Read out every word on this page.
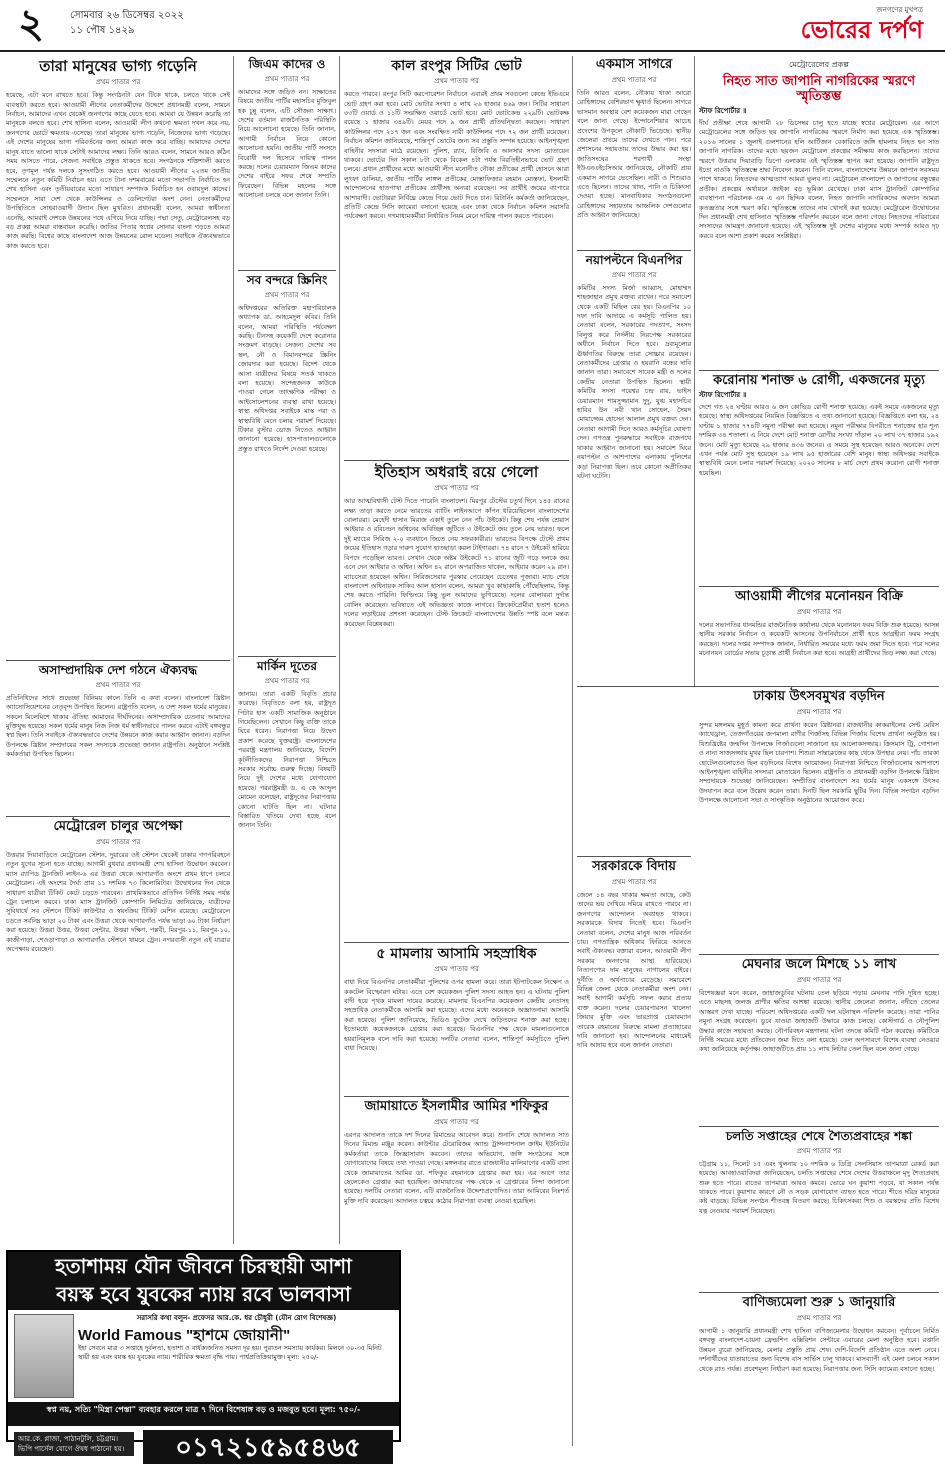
২	সোমবার ২৬ ডিসেম্বর ২০২২
১১ পৌষ ১৪২৯
জনগণের মুখপত্র
ভোরের দর্পণ
তারা মানুষের ভাগ্য গড়েনি
প্রথম পাতার পর

হয়েছে, এটা মনে রাখতে হবে। কিন্তু সংগঠনটা যেন টিকে থাকে, চলতে থাকে সেই ব্যবস্থাটা করতে হবে। আওয়ামী লীগের নেতাকর্মীদের উদ্দেশে প্রধানমন্ত্রী বলেন, সামনে নির্বাচন, আমাদের এখন থেকেই জনগণের কাছে যেতে হবে। আমরা যে উন্নয়ন করেছি তা মানুষকে বলতে হবে। শেখ হাসিনা বলেন, আওয়ামী লীগ কখনো ক্ষমতা দখল করে নয়, জনগণের ভোটে ক্ষমতায় এসেছে। তারা মানুষের ভাগ্য গড়েনি, নিজেদের ভাগ্য গড়েছে। এই দেশের মানুষের ভাগ্য পরিবর্তনের জন্য আমরা কাজ করে যাচ্ছি। আমাদের দেশের মানুষ যাতে ভালো থাকে সেটাই আমাদের লক্ষ্য। তিনি আরও বলেন, সামনে আরও কঠিন সময় আসতে পারে, সেজন্য সবাইকে প্রস্তুত থাকতে হবে। সংগঠনকে শক্তিশালী করতে হবে, তৃণমূল পর্যন্ত দলকে সুসংগঠিত করতে হবে। আওয়ামী লীগের ২২তম জাতীয় সম্মেলনে নতুন কমিটি নির্বাচন হয়। এতে টানা দশমবারের মতো সভাপতি নির্বাচিত হন শেখ হাসিনা এবং তৃতীয়বারের মতো সাধারণ সম্পাদক নির্বাচিত হন ওবায়দুল কাদের। সম্মেলনে সারা দেশ থেকে কাউন্সিলর ও ডেলিগেটরা অংশ নেন। নেতাকর্মীদের উপস্থিতিতে সোহরাওয়ার্দী উদ্যান ছিল মুখরিত। প্রধানমন্ত্রী বলেন, আমরা স্বাধীনতা এনেছি, আমরাই দেশকে উন্নয়নের পথে এগিয়ে নিয়ে যাচ্ছি। পদ্মা সেতু, মেট্রোরেলসহ বড় বড় প্রকল্প আমরা বাস্তবায়ন করেছি। জাতির পিতার স্বপ্নের সোনার বাংলা গড়তে আমরা কাজ করছি। বিশ্বের কাছে বাংলাদেশ আজ উন্নয়নের রোল মডেল। সবাইকে ঐক্যবদ্ধভাবে কাজ করতে হবে।

অসাম্প্রদায়িক দেশ গঠনে ঐক্যবদ্ধ
প্রথম পাতার পর

প্রতিনিধিদের সাথে শুভেচ্ছা বিনিময় কালে তিনি এ কথা বলেন। বাংলাদেশ খ্রিষ্টান অ্যাসোসিয়েশনের নেতৃবৃন্দ উপস্থিত ছিলেন। রাষ্ট্রপতি বলেন, এ দেশ সকল ধর্মের মানুষের। সকলে মিলেমিশে থাকার ঐতিহ্য আমাদের দীর্ঘদিনের। অসাম্প্রদায়িক চেতনায় আমাদের মুক্তিযুদ্ধ হয়েছে। সকল ধর্মের মানুষ নিজ নিজ ধর্ম স্বাধীনভাবে পালন করবে এটাই বঙ্গবন্ধুর স্বপ্ন ছিল। তিনি সবাইকে ঐক্যবদ্ধভাবে দেশের উন্নয়নে কাজ করার আহ্বান জানান। বড়দিন উপলক্ষে খ্রিষ্টান সম্প্রদায়ের সকল সদস্যকে শুভেচ্ছা জানান রাষ্ট্রপতি। অনুষ্ঠানে সংশ্লিষ্ট কর্মকর্তারা উপস্থিত ছিলেন।

মেট্রোরেল চালুর অপেক্ষা
প্রথম পাতার পর

উত্তরার দিয়াবাড়িতে মেট্রোরেল স্টেশন, দুয়ারের ওই স্টেশন থেকেই ঢাকার গণপরিবহনে নতুন যুগের সূচনা হতে যাচ্ছে। আগামী বুধবার প্রধানমন্ত্রী শেখ হাসিনা উদ্বোধন করবেন। ম্যাস র‌্যাপিড ট্রানজিট লাইন-৬ এর উত্তরা থেকে আগারগাঁও অংশে প্রথম ধাপে চলবে মেট্রোরেল। এই অংশের দৈর্ঘ্য প্রায় ১১ দশমিক ৭৩ কিলোমিটার। উদ্বোধনের দিন থেকে সাধারণ যাত্রীরা টিকিট কেটে চড়তে পারবেন। প্রাথমিকভাবে প্রতিদিন নির্দিষ্ট সময় পর্যন্ত ট্রেন চলাচল করবে। ঢাকা ম্যাস ট্রানজিট কোম্পানি লিমিটেড জানিয়েছে, যাত্রীদের সুবিধার্থে সব স্টেশনে টিকিট কাউন্টার ও স্বয়ংক্রিয় টিকিট মেশিন রয়েছে। মেট্রোরেলে চড়তে সর্বনিম্ন ভাড়া ২০ টাকা এবং উত্তরা থেকে আগারগাঁও পর্যন্ত ভাড়া ৬০ টাকা নির্ধারণ করা হয়েছে। উত্তরা উত্তর, উত্তরা সেন্টার, উত্তরা দক্ষিণ, পল্লবী, মিরপুর-১১, মিরপুর-১০, কাজীপাড়া, শেওড়াপাড়া ও আগারগাঁও স্টেশনে থামবে ট্রেন। নগরবাসী নতুন এই যাত্রার অপেক্ষায় রয়েছেন।

জিএম কাদের ও
প্রথম পাতার পর

আমাদের সঙ্গে জড়িত নন। সাক্ষাতের বিষয়ে জাতীয় পার্টির মহাসচিব মুজিবুল হক চুন্নু বলেন, এটি সৌজন্য সাক্ষাৎ। দেশের বর্তমান রাজনৈতিক পরিস্থিতি নিয়ে আলোচনা হয়েছে। তিনি জানান, আগামী নির্বাচন নিয়ে কোনো আলোচনা হয়নি। জাতীয় পার্টি সংসদে বিরোধী দল হিসেবে দায়িত্ব পালন করছে। দলের চেয়ারম্যান জিএম কাদের দেশের বাইরে সফর শেষে সম্প্রতি ফিরেছেন। বিভিন্ন মহলের সঙ্গে আলোচনা চলছে বলে জানান তিনি।

সব বন্দরে স্ক্রিনিং
প্রথম পাতার পর

অধিদপ্তরের অতিরিক্ত মহাপরিচালক অধ্যাপক ডা. আহমেদুল কবির। তিনি বলেন, আমরা পরিস্থিতি পর্যবেক্ষণ করছি। চীনসহ কয়েকটি দেশে করোনার সংক্রমণ বাড়ছে। সেজন্য দেশের সব স্থল, নৌ ও বিমানবন্দরে স্ক্রিনিং জোরদার করা হয়েছে। বিদেশ থেকে আসা যাত্রীদের বিষয়ে সতর্ক থাকতে বলা হয়েছে। সন্দেহজনক কাউকে পাওয়া গেলে তাৎক্ষণিক পরীক্ষা ও আইসোলেশনের ব্যবস্থা রাখা হয়েছে। স্বাস্থ্য অধিদপ্তর সবাইকে মাস্ক পরা ও স্বাস্থ্যবিধি মেনে চলার পরামর্শ দিয়েছে। টিকার বুস্টার ডোজ নিতেও আহ্বান জানানো হয়েছে। হাসপাতালগুলোকে প্রস্তুত রাখতে নির্দেশ দেওয়া হয়েছে।

মার্কিন দূতের
প্রথম পাতার পর

জানায়। তারা একটি বিবৃতি প্রচার করেছে। বিবৃতিতে বলা হয়, রাষ্ট্রদূত পিটার হাস একটি সামাজিক অনুষ্ঠানে গিয়েছিলেন। সেখানে কিছু ব্যক্তি তাকে ঘিরে ধরেন। নিরাপত্তা নিয়ে উদ্বেগ প্রকাশ করেছে যুক্তরাষ্ট্র। বাংলাদেশের পররাষ্ট্র মন্ত্রণালয় জানিয়েছে, বিদেশি কূটনীতিকদের নিরাপত্তা নিশ্চিতে সরকার সর্বোচ্চ গুরুত্ব দিচ্ছে। বিষয়টি নিয়ে দুই দেশের মধ্যে যোগাযোগ হয়েছে। পররাষ্ট্রমন্ত্রী ড. এ কে আব্দুল মোমেন বলেছেন, রাষ্ট্রদূতের নিরাপত্তায় কোনো ঘাটতি ছিল না। ঘটনার বিস্তারিত খতিয়ে দেখা হচ্ছে বলে জানান তিনি।

কাল রংপুর সিটির ভোট
প্রথম পাতার পর

করতে পারবে। রংপুর সিটি করপোরেশন নির্বাচনে এবারই প্রথম সবগুলো কেন্দ্রে ইভিএমে ভোট গ্রহণ করা হবে। মোট ভোটার সংখ্যা ৪ লাখ ২৬ হাজার ৪৬৯ জন। সিটির সাধারণ ৩৩টি ওয়ার্ড ও ১১টি সংরক্ষিত ওয়ার্ডে ভোট হবে। মোট ভোটকেন্দ্র ২২৯টি। ভোটকক্ষ রয়েছে ১ হাজার ৩৪৯টি। মেয়র পদে ৯ জন প্রার্থী প্রতিদ্বন্দ্বিতা করছেন। সাধারণ কাউন্সিলর পদে ২১৭ জন এবং সংরক্ষিত নারী কাউন্সিলর পদে ৭২ জন প্রার্থী রয়েছেন। নির্বাচন কমিশন জানিয়েছে, শান্তিপূর্ণ ভোটের জন্য সব প্রস্তুতি সম্পন্ন হয়েছে। আইনশৃঙ্খলা বাহিনীর সদস্যরা মাঠে রয়েছেন। পুলিশ, র‌্যাব, বিজিবি ও আনসার সদস্য মোতায়েন থাকবে। ভোটের দিন সকাল ৮টা থেকে বিকেল ৪টা পর্যন্ত বিরতিহীনভাবে ভোট গ্রহণ চলবে। প্রধান প্রার্থীদের মধ্যে আওয়ামী লীগ মনোনীত নৌকা প্রতীকের প্রার্থী হোসনে আরা লুৎফা ডালিয়া, জাতীয় পার্টির লাঙ্গল প্রতীকের মোস্তাফিজার রহমান মোস্তফা, ইসলামী আন্দোলনের হাতপাখা প্রতীকের প্রার্থীসহ অন্যরা রয়েছেন। সব প্রার্থীই জয়ের ব্যাপারে আশাবাদী। ভোটাররা নির্বিঘ্নে কেন্দ্রে গিয়ে ভোট দিতে চান। রিটার্নিং কর্মকর্তা জানিয়েছেন, প্রতিটি কেন্দ্রে সিসি ক্যামেরা বসানো হয়েছে এবং ঢাকা থেকে নির্বাচন কমিশন সরাসরি পর্যবেক্ষণ করবে। গণমাধ্যমকর্মীরা নির্ধারিত নিয়ম মেনে দায়িত্ব পালন করতে পারবেন।

ইতিহাস অধরাই রয়ে গেলো
প্রথম পাতার পর

আর আত্মবিশ্বাসী টেস্ট দিতে পারেনি বাংলাদেশ। মিরপুর টেস্টের চতুর্থ দিনে ১৪৫ রানের লক্ষ্য তাড়া করতে নেমে ভারতের ব্যাটিং লাইনআপে কাঁপন ধরিয়েছিলেন বাংলাদেশের বোলাররা। মেহেদী হাসান মিরাজ একাই তুলে নেন পাঁচ উইকেট। কিন্তু শেষ পর্যন্ত শ্রেয়াস আইয়ার ও রবিচন্দ্রন অশ্বিনের অবিচ্ছিন্ন জুটিতে ৩ উইকেটে জয় তুলে নেয় ভারত। ফলে দুই ম্যাচের সিরিজ ২-০ ব্যবধানে জিতে নেয় সফরকারীরা। ভারতের বিপক্ষে টেস্টে প্রথম জয়ের ইতিহাস গড়ার দারুণ সুযোগ হাতছাড়া করল টাইগাররা। ৭৪ রানে ৭ উইকেট হারিয়ে বিপদে পড়েছিল ভারত। সেখান থেকে অষ্টম উইকেটে ৭১ রানের জুটি গড়ে দলকে জয় এনে দেন আইয়ার ও অশ্বিন। অশ্বিন ৪২ রানে অপরাজিত থাকেন, আইয়ার করেন ২৯ রান। ম্যাচসেরা হয়েছেন অশ্বিন। সিরিজসেরার পুরস্কার পেয়েছেন চেতেশ্বর পূজারা। ম্যাচ শেষে বাংলাদেশ অধিনায়ক সাকিব আল হাসান বলেন, আমরা খুব কাছাকাছি পৌঁছেছিলাম, কিন্তু শেষ করতে পারিনি। ফিল্ডিংয়ে কিছু ভুল আমাদের ভুগিয়েছে। দলের বোলাররা দুর্দান্ত বোলিং করেছেন। ভবিষ্যতে এই অভিজ্ঞতা কাজে লাগবে। ক্রিকেটপ্রেমীরা হতাশ হলেও দলের লড়াইয়ের প্রশংসা করেছেন। টেস্ট ক্রিকেটে বাংলাদেশের উন্নতি স্পষ্ট বলে মন্তব্য করেছেন বিশ্লেষকরা।

৫ মামলায় আসামি সহস্রাধিক
প্রথম পাতার পর

বাধা দিয়ে বিএনপির নেতাকর্মীরা পুলিশের ওপর হামলা করে। তারা ইটপাটকেল নিক্ষেপ ও ককটেল বিস্ফোরণ ঘটায়। এতে বেশ কয়েকজন পুলিশ সদস্য আহত হন। এ ঘটনায় পুলিশ বাদী হয়ে পৃথক মামলা দায়ের করেছে। মামলায় বিএনপির কয়েকজন কেন্দ্রীয় নেতাসহ সহস্রাধিক নেতাকর্মীকে আসামি করা হয়েছে। এদের মধ্যে অনেককে অজ্ঞাতনামা আসামি করা হয়েছে। পুলিশ জানিয়েছে, ভিডিও ফুটেজ দেখে জড়িতদের শনাক্ত করা হচ্ছে। ইতোমধ্যে কয়েকজনকে গ্রেপ্তার করা হয়েছে। বিএনপির পক্ষ থেকে মামলাগুলোকে হয়রানিমূলক বলে দাবি করা হয়েছে। দলটির নেতারা বলেন, শান্তিপূর্ণ কর্মসূচিতে পুলিশ বাধা দিয়েছে।

জামায়াতে ইসলামীর আমির শফিকুর
প্রথম পাতার পর

এরপর আদালত তাকে দশ দিনের রিমান্ডের আবেদন করে। শুনানি শেষে আদালত সাত দিনের রিমান্ড মঞ্জুর করেন। কাউন্টার টেরোরিজম অ্যান্ড ট্রান্সন্যাশনাল ক্রাইম ইউনিটের কর্মকর্তারা তাকে জিজ্ঞাসাবাদ করবেন। তাদের অভিযোগ, জঙ্গি সংগঠনের সঙ্গে যোগাযোগের বিষয়ে তথ্য পাওয়া গেছে। মঙ্গলবার রাতে রাজধানীর মালিবাগের একটি বাসা থেকে জামায়াতের আমির ডা. শফিকুর রহমানকে গ্রেপ্তার করা হয়। এর আগে তার ছেলেকেও গ্রেপ্তার করা হয়েছিল। জামায়াতের পক্ষ থেকে এ গ্রেপ্তারের নিন্দা জানানো হয়েছে। দলটির নেতারা বলেন, এটি রাজনৈতিক উদ্দেশ্যপ্রণোদিত। তারা আমিরের নিঃশর্ত মুক্তি দাবি করেছেন। আদালত চত্বরে কঠোর নিরাপত্তা ব্যবস্থা নেওয়া হয়েছিল।

একমাস সাগরে
প্রথম পাতার পর

তিনি আরও বলেন, নৌকায় থাকা আরো রোহিঙ্গাদের বেশিরভাগ ক্ষুধার্ত ছিলেন। সাগরে ভাসমান অবস্থায় বেশ কয়েকজন মারা গেছেন বলে জানা গেছে। ইন্দোনেশিয়ার আচেহ প্রদেশের উপকূলে নৌকাটি ভিড়েছে। স্থানীয় জেলেরা প্রথমে তাদের দেখতে পান। পরে প্রশাসনের সহায়তায় তাদের উদ্ধার করা হয়। জাতিসংঘের শরণার্থী সংস্থা ইউএনএইচসিআর জানিয়েছে, নৌকাটি প্রায় একমাস সাগরে ভেসেছিল। নারী ও শিশুরাও এতে ছিলেন। তাদের খাদ্য, পানি ও চিকিৎসা দেওয়া হচ্ছে। মানবাধিকার সংগঠনগুলো রোহিঙ্গাদের সহায়তায় আঞ্চলিক দেশগুলোর প্রতি আহ্বান জানিয়েছে।

নয়াপল্টনে বিএনপির
প্রথম পাতার পর

কমিটির সদস্য মির্জা আব্বাস, মোহাম্মদ শাহজাহান প্রমুখ বক্তব্য রাখেন। পরে সমাবেশ থেকে একটি মিছিল বের হয়। বিএনপির ১০ দফা দাবি আদায়ে এ কর্মসূচি পালিত হয়। নেতারা বলেন, সরকারের পদত্যাগ, সংসদ বিলুপ্ত করে নির্দলীয় নিরপেক্ষ সরকারের অধীনে নির্বাচন দিতে হবে। দ্রব্যমূল্যের ঊর্ধ্বগতির বিরুদ্ধে তারা সোচ্চার রয়েছেন। নেতাকর্মীদের গ্রেপ্তার ও হয়রানি বন্ধের দাবি জানান তারা। সমাবেশে সাবেক মন্ত্রী ও দলের কেন্দ্রীয় নেতারা উপস্থিত ছিলেন। স্থায়ী কমিটির সদস্য গয়েশ্বর চন্দ্র রায়, ভাইস চেয়ারম্যান শামসুজ্জামান দুদু, যুগ্ম মহাসচিব হাবিব উন নবী খান সোহেল, সৈয়দ মোয়াজ্জেম হোসেন আলাল প্রমুখ বক্তব্য দেন। নেতারা আগামী দিনে আরও কর্মসূচির ঘোষণা দেন। গণতন্ত্র পুনরুদ্ধারে সবাইকে রাজপথে থাকার আহ্বান জানানো হয়। সমাবেশ ঘিরে নয়াপল্টন ও আশপাশের এলাকায় পুলিশের কড়া নিরাপত্তা ছিল। তবে কোনো অপ্রীতিকর ঘটনা ঘটেনি।

সরকারকে বিদায়
প্রথম পাতার পর

জেলে ১৪ বছর থাকার ক্ষমতা আছে, কেউ তাদের ভয় দেখিয়ে দমিয়ে রাখতে পারবে না। জনগণের আন্দোলন অব্যাহত থাকবে। সরকারকে বিদায় নিতেই হবে। বিএনপি নেতারা বলেন, দেশের মানুষ আজ পরিবর্তন চায়। গণতান্ত্রিক অধিকার ফিরিয়ে আনতে সবাই ঐক্যবদ্ধ। বক্তারা বলেন, আওয়ামী লীগ সরকার জনগণের আস্থা হারিয়েছে। নিত্যপণ্যের দাম মানুষের নাগালের বাইরে। দুর্নীতি ও অর্থপাচার বেড়েছে। সমাবেশে বিভিন্ন জেলা থেকে নেতাকর্মীরা অংশ নেন। সবাই আগামী কর্মসূচি সফল করার প্রত্যয় ব্যক্ত করেন। দলের চেয়ারপারসন খালেদা জিয়ার মুক্তি এবং ভারপ্রাপ্ত চেয়ারম্যান তারেক রহমানের বিরুদ্ধে মামলা প্রত্যাহারের দাবি জানানো হয়। আন্দোলনের মাধ্যমেই দাবি আদায় হবে বলে জানান নেতারা।

মেট্রোরেলের প্রকল্প
নিহত সাত জাপানি নাগরিকের স্মরণে স্মৃতিস্তম্ভ
স্টাফ রিপোর্টার ॥

দীর্ঘ প্রতীক্ষা শেষে আগামী ২৮ ডিসেম্বর চালু হতে যাচ্ছে স্বপ্নের মেট্রোরেল। এর আগে মেট্রোরেলের সঙ্গে জড়িত ছয় জাপানি নাগরিকের স্মরণে নির্মাণ করা হয়েছে এক স্মৃতিস্তম্ভ। ২০১৬ সালের ১ জুলাই গুলশানের হলি আর্টিজান বেকারিতে জঙ্গি হামলায় নিহত হন সাত জাপানি নাগরিক। তাদের মধ্যে ছয়জন মেট্রোরেল প্রকল্পের সমীক্ষায় কাজ করছিলেন। তাদের স্মরণে উত্তরার দিয়াবাড়ি ডিপো এলাকায় এই স্মৃতিস্তম্ভ স্থাপন করা হয়েছে। জাপানি রাষ্ট্রদূত ইতো নাওকি স্মৃতিস্তম্ভে শ্রদ্ধা নিবেদন করেন। তিনি বলেন, বাংলাদেশের উন্নয়নে জাপান সবসময় পাশে থাকবে। নিহতদের আত্মত্যাগ আমরা ভুলব না। মেট্রোরেল বাংলাদেশ ও জাপানের বন্ধুত্বের প্রতীক। প্রকল্পের অর্থায়নে জাইকা বড় ভূমিকা রেখেছে। ঢাকা ম্যাস ট্রানজিট কোম্পানির ব্যবস্থাপনা পরিচালক এম এ এন ছিদ্দিক বলেন, নিহত জাপানি নাগরিকদের অবদান আমরা কৃতজ্ঞতার সঙ্গে স্মরণ করি। স্মৃতিস্তম্ভে তাদের নাম খোদাই করা হয়েছে। মেট্রোরেল উদ্বোধনের দিন প্রধানমন্ত্রী শেখ হাসিনাও স্মৃতিস্তম্ভ পরিদর্শন করবেন বলে জানা গেছে। নিহতদের পরিবারের সদস্যদের আমন্ত্রণ জানানো হয়েছে। এই স্মৃতিস্তম্ভ দুই দেশের মানুষের মধ্যে সম্পর্ক আরও দৃঢ় করবে বলে আশা প্রকাশ করেন সংশ্লিষ্টরা।

করোনায় শনাক্ত ৬ রোগী, একজনের মৃত্যু
স্টাফ রিপোর্টার ॥

দেশে গত ২৪ ঘণ্টায় আরও ৬ জন কোভিড রোগী শনাক্ত হয়েছে। একই সময়ে একজনের মৃত্যু হয়েছে। স্বাস্থ্য অধিদপ্তরের নিয়মিত বিজ্ঞপ্তিতে এ তথ্য জানানো হয়েছে। বিজ্ঞপ্তিতে বলা হয়, ২৪ ঘণ্টায় ১ হাজার ৭৭৪টি নমুনা পরীক্ষা করা হয়েছে। নমুনা পরীক্ষার বিপরীতে শনাক্তের হার শূন্য দশমিক ৩৪ শতাংশ। এ নিয়ে দেশে মোট শনাক্ত রোগীর সংখ্যা দাঁড়াল ২০ লাখ ৩৭ হাজার ১৯২ জনে। মোট মৃত্যু হয়েছে ২৯ হাজার ৪৩৬ জনের। এ সময়ে সুস্থ হয়েছেন আরও অনেকে। দেশে এখন পর্যন্ত মোট সুস্থ হয়েছেন ১৯ লাখ ৯৫ হাজারের বেশি মানুষ। স্বাস্থ্য অধিদপ্তর সবাইকে স্বাস্থ্যবিধি মেনে চলার পরামর্শ দিয়েছে। ২০২০ সালের ৮ মার্চ দেশে প্রথম করোনা রোগী শনাক্ত হয়েছিল।

আওয়ামী লীগের মনোনয়ন বিক্রি
প্রথম পাতার পর

দলের সভাপতির ধানমন্ডির রাজনৈতিক কার্যালয় থেকে মনোনয়ন ফরম বিক্রি শুরু হয়েছে। আসন্ন স্থানীয় সরকার নির্বাচন ও কয়েকটি আসনের উপনির্বাচনে প্রার্থী হতে আগ্রহীরা ফরম সংগ্রহ করছেন। দলের দপ্তর সম্পাদক জানান, নির্ধারিত সময়ের মধ্যে ফরম জমা দিতে হবে। পরে দলের মনোনয়ন বোর্ডের সভায় চূড়ান্ত প্রার্থী নির্বাচন করা হবে। আগ্রহী প্রার্থীদের ভিড় লক্ষ্য করা গেছে।

ঢাকায় উৎসবমুখর বড়দিন
প্রথম পাতার পর

সুন্দর মঙ্গলময় মুহূর্ত কামনা করে প্রার্থনা করেন খ্রিষ্টানরা। রাজধানীর কাকরাইলের সেন্ট মেরিস ক্যাথেড্রাল, তেজগাঁওয়ের জপমালা রাণীর গির্জাসহ বিভিন্ন গির্জায় বিশেষ প্রার্থনা অনুষ্ঠিত হয়। যিশুখ্রিষ্টের জন্মদিন উপলক্ষে গির্জাগুলো সাজানো হয় আলোকসজ্জায়। ক্রিসমাস ট্রি, গোশালা ও নানা সাজসজ্জায় মুখর ছিল চারপাশ। শিশুরা সান্তাক্লজের কাছ থেকে উপহার নেয়। পাঁচ তারকা হোটেলগুলোতেও ছিল বড়দিনের বিশেষ আয়োজন। নিরাপত্তা নিশ্চিতে গির্জাগুলোর আশপাশে আইনশৃঙ্খলা বাহিনীর সদস্যরা মোতায়েন ছিলেন। রাষ্ট্রপতি ও প্রধানমন্ত্রী বড়দিন উপলক্ষে খ্রিষ্টান সম্প্রদায়কে শুভেচ্ছা জানিয়েছেন। সম্প্রীতির বাংলাদেশে সব ধর্মের মানুষ একসঙ্গে উৎসব উদযাপন করে বলে উল্লেখ করেন তারা। দিনটি ছিল সরকারি ছুটির দিন। বিভিন্ন সংগঠন বড়দিন উপলক্ষে আলোচনা সভা ও সাংস্কৃতিক অনুষ্ঠানের আয়োজন করে।

মেঘনার জলে মিশছে ১১ লাখ
প্রথম পাতার পর

বিশেষজ্ঞরা মনে করেন, জাহাজডুবির ঘটনায় তেল ছড়িয়ে পড়ায় মেঘনার পানি দূষিত হচ্ছে। এতে মাছসহ জলজ প্রাণীর ক্ষতির আশঙ্কা রয়েছে। স্থানীয় জেলেরা জানান, নদীতে তেলের আস্তরণ দেখা যাচ্ছে। পরিবেশ অধিদপ্তরের একটি দল ঘটনাস্থল পরিদর্শন করেছে। তারা পানির নমুনা সংগ্রহ করেছেন। ডুবে যাওয়া জাহাজটি উদ্ধারে কাজ চলছে। কোস্টগার্ড ও নৌপুলিশ উদ্ধার কাজে সহায়তা করছে। নৌপরিবহন মন্ত্রণালয় ঘটনা তদন্তে কমিটি গঠন করেছে। কমিটিকে নির্দিষ্ট সময়ের মধ্যে প্রতিবেদন জমা দিতে বলা হয়েছে। তেল অপসারণে বিশেষ ব্যবস্থা নেওয়ার কথা জানিয়েছে কর্তৃপক্ষ। জাহাজটিতে প্রায় ১১ লাখ লিটার তেল ছিল বলে জানা গেছে।

চলতি সপ্তাহের শেষে শৈত্যপ্রবাহের শঙ্কা
প্রথম পাতার পর

চট্টগ্রাম ১১, সিলেট ১৫ এবং খুলনায় ১০ দশমিক ৬ ডিগ্রি সেলসিয়াস তাপমাত্রা রেকর্ড করা হয়েছে। আবহাওয়াবিদরা জানিয়েছেন, চলতি সপ্তাহের শেষে দেশের উত্তরাঞ্চলে মৃদু শৈত্যপ্রবাহ শুরু হতে পারে। রাতের তাপমাত্রা আরও কমবে। ভোরে ঘন কুয়াশা পড়বে, যা সকাল পর্যন্ত থাকতে পারে। কুয়াশার কারণে নৌ ও সড়ক যোগাযোগ ব্যাহত হতে পারে। শীতে দরিদ্র মানুষের কষ্ট বাড়ছে। বিভিন্ন সংগঠন শীতবস্ত্র বিতরণ করছে। চিকিৎসকরা শিশু ও বয়স্কদের প্রতি বিশেষ যত্ন নেওয়ার পরামর্শ দিয়েছেন।

বাণিজ্যমেলা শুরু ১ জানুয়ারি
প্রথম পাতার পর

আগামী ১ জানুয়ারি প্রধানমন্ত্রী শেখ হাসিনা বাণিজ্যমেলার উদ্বোধন করবেন। পূর্বাচলে নির্মিত বঙ্গবন্ধু বাংলাদেশ-চায়না ফ্রেন্ডশিপ এক্সিবিশন সেন্টারে এবারের মেলা অনুষ্ঠিত হবে। রপ্তানি উন্নয়ন ব্যুরো জানিয়েছে, মেলার প্রস্তুতি প্রায় শেষ। দেশি-বিদেশি প্রতিষ্ঠান এতে অংশ নেবে। দর্শনার্থীদের যাতায়াতের জন্য বিশেষ বাস সার্ভিস চালু থাকবে। মাসব্যাপী এই মেলা চলবে সকাল থেকে রাত পর্যন্ত। প্রবেশমূল্য নির্ধারণ করা হয়েছে। নিরাপত্তার জন্য সিসি ক্যামেরা বসানো হচ্ছে।

হতাশাময় যৌন জীবনে চিরস্থায়ী আশা
বয়স্ক হবে যুবকের ন্যায় রবে ভালবাসা
সরাসরি কথা বলুন- প্রফেসর আর.কে. ধর চৌধুরী (যৌন রোগ বিশেষজ্ঞ)
World Famous "হাশমে জোয়ানী"
ইহা সেবনে মাত্র ৩ সপ্তাহে দুর্বলতা, হতাশা ও বার্ধক্যজনিত সমস্যা দূর হয়। পুরাতন সমস্যায় কার্যকর। মিলনে ৩০-৩৫ মিনিট স্থায়ী হয় এবং বয়স্ক হয় যুবকের ন্যায়। শারীরিক ক্ষমতা বৃদ্ধি পায়। পার্শ্বপ্রতিক্রিয়ামুক্ত। মূল্য: ২৫০/-
স্বপ্ন নয়, সত্যি "মিস্ত্রা পেস্তা" ব্যবহার করলে মাত্র ৭ দিনে বিশেষাঙ্গ বড় ও মজবুত হবে। মূল্য: ৭৫০/-
আর.কে. প্লাজা, পাঠানটুলি, চট্টগ্রাম। ভিপি পার্সেল যোগে ঔষধ পাঠানো হয়।	০১৭২১৫৯৫৪৬৫
